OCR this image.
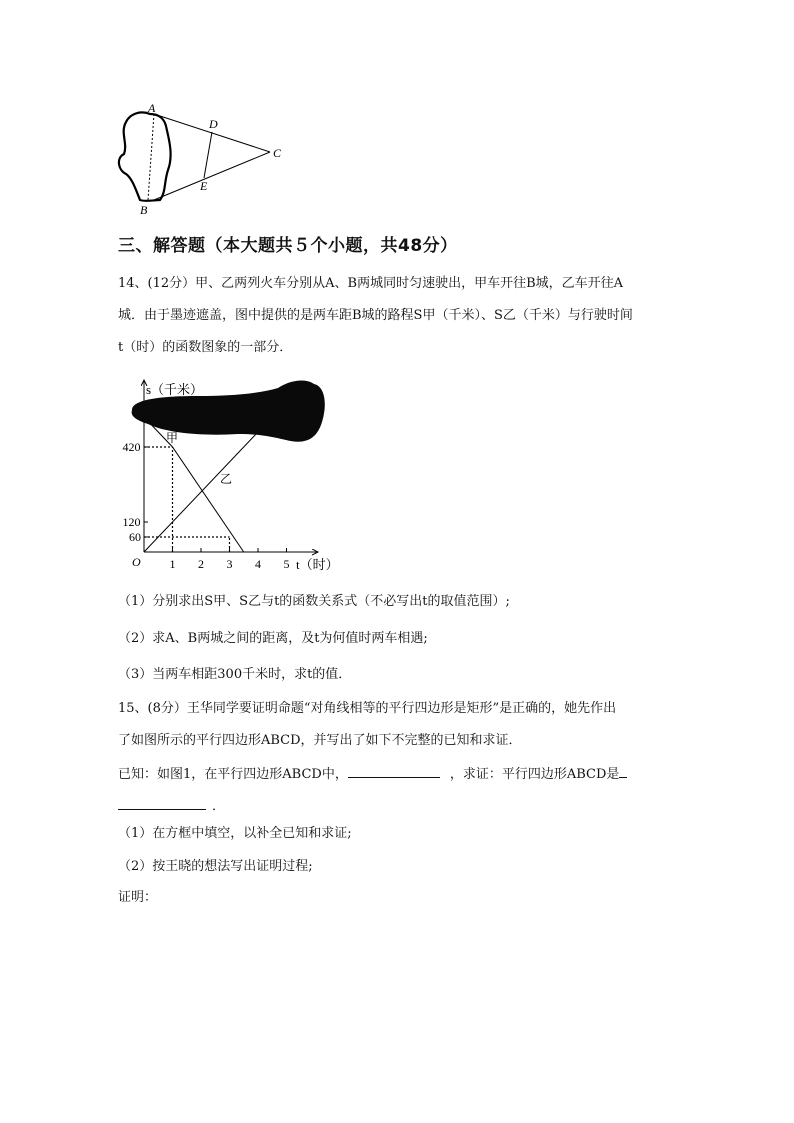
A
B
C
D
E
三、解答题（本大题共５个小题，共48分）
14、(12分）甲、乙两列火车分别从A、B两城同时匀速驶出，甲车开往B城，乙车开往A
城．由于墨迹遮盖，图中提供的是两车距B城的路程S甲（千米）、S乙（千米）与行驶时间
t（时）的函数图象的一部分．
1 2 3 4 5
420
120
60
s（千米）
t（时）
O
甲
乙
（1）分别求出S甲、S乙与t的函数关系式（不必写出t的取值范围）;
（2）求A、B两城之间的距离，及t为何值时两车相遇;
（3）当两车相距300千米时，求t的值．
15、(8分）王华同学要证明命题“对角线相等的平行四边形是矩形”是正确的，她先作出
了如图所示的平行四边形ABCD，并写出了如下不完整的已知和求证．
已知：如图1，在平行四边形ABCD中，	，求证：平行四边形ABCD是
．
（1）在方框中填空，以补全已知和求证;
（2）按王晓的想法写出证明过程;
证明：
